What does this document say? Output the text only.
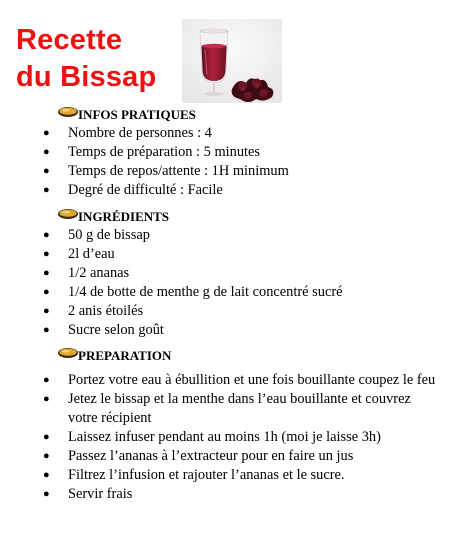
Recette
du Bissap
INFOS PRATIQUES
● Nombre de personnes : 4
● Temps de préparation : 5 minutes
● Temps de repos/attente : 1H minimum
● Degré de difficulté : Facile
INGRÉDIENTS
● 50 g de bissap
● 2l d’eau
● 1/2 ananas
● 1/4 de botte de menthe g de lait concentré sucré
● 2 anis étoilés
● Sucre selon goût
PREPARATION
● Portez votre eau à ébullition et une fois bouillante coupez le feu
● Jetez le bissap et la menthe dans l’eau bouillante et couvrez votre récipient
● Laissez infuser pendant au moins 1h (moi je laisse 3h)
● Passez l’ananas à l’extracteur pour en faire un jus
● Filtrez l’infusion et rajouter l’ananas et le sucre.
● Servir frais
